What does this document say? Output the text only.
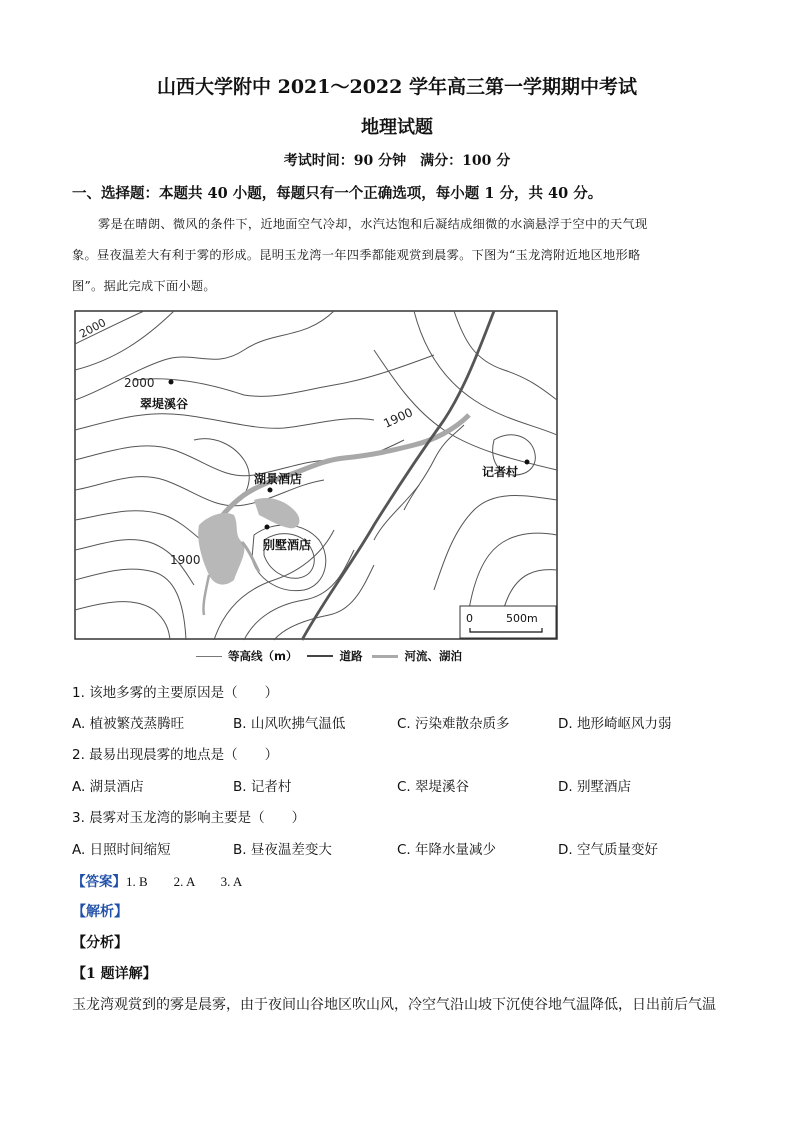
山西大学附中 2021～2022 学年高三第一学期期中考试
地理试题
考试时间：90 分钟　满分：100 分
一、选择题：本题共 40 小题，每题只有一个正确选项，每小题 1 分，共 40 分。
雾是在晴朗、微风的条件下，近地面空气冷却，水汽达饱和后凝结成细微的水滴悬浮于空中的天气现
象。昼夜温差大有利于雾的形成。昆明玉龙湾一年四季都能观赏到晨雾。下图为“玉龙湾附近地区地形略
图”。据此完成下面小题。
2000
2000
1900
1900
翠堤溪谷
湖景酒店
别墅酒店
记者村
0	500m
等高线（m）	道路	河流、湖泊
1. 该地多雾的主要原因是（　　）
A. 植被繁茂蒸腾旺	B. 山风吹拂气温低	C. 污染难散杂质多	D. 地形崎岖风力弱
2. 最易出现晨雾的地点是（　　）
A. 湖景酒店	B. 记者村	C. 翠堤溪谷	D. 别墅酒店
3. 晨雾对玉龙湾的影响主要是（　　）
A. 日照时间缩短	B. 昼夜温差变大	C. 年降水量减少	D. 空气质量变好
【答案】1. B　　2. A　　3. A
【解析】
【分析】
【1 题详解】
玉龙湾观赏到的雾是晨雾，由于夜间山谷地区吹山风，冷空气沿山坡下沉使谷地气温降低，日出前后气温
